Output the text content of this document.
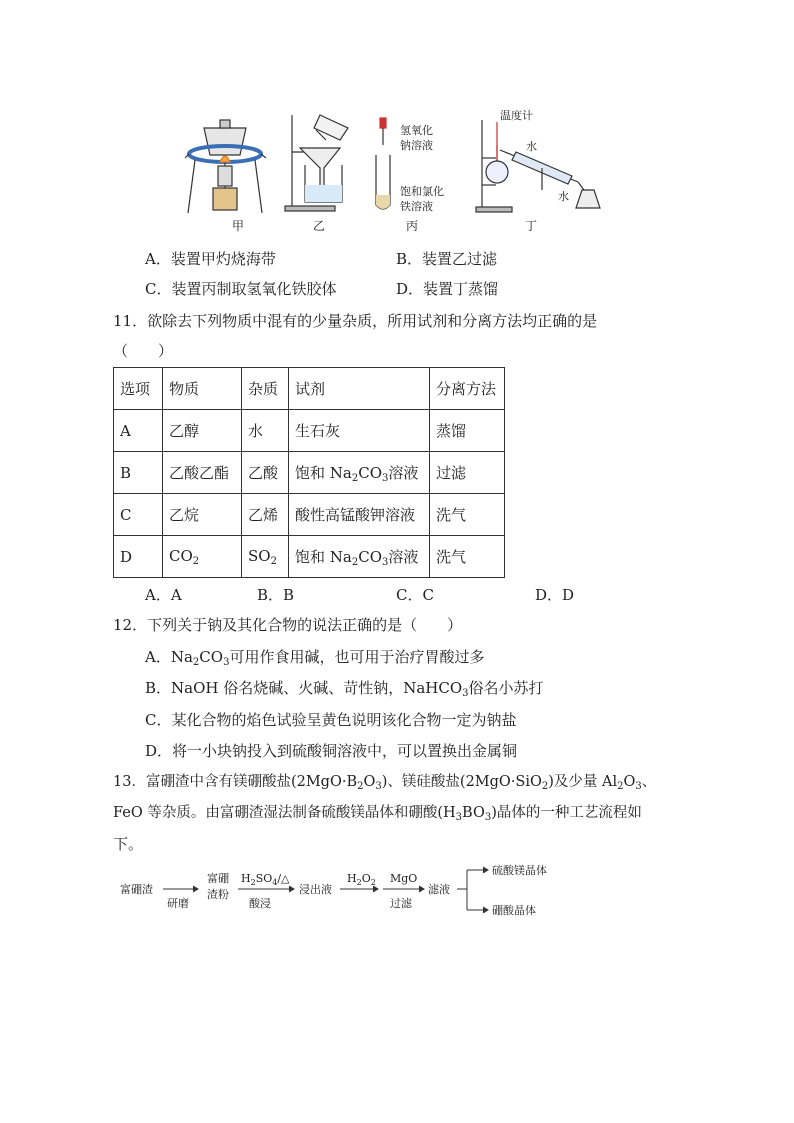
氢氧化
钠溶液
饱和氯化
铁溶液
温度计
水
水
甲	乙	丙	丁
A．装置甲灼烧海带	B．装置乙过滤
C．装置丙制取氢氧化铁胶体	D．装置丁蒸馏
11．欲除去下列物质中混有的少量杂质，所用试剂和分离方法均正确的是
（　　）
选项	物质	杂质	试剂	分离方法
A	乙醇	水	生石灰	蒸馏
B	乙酸乙酯	乙酸	饱和 $Na_2CO_3$溶液	过滤
C	乙烷	乙烯	酸性高锰酸钾溶液	洗气
D	$CO_2$	$SO_2$	饱和 $Na_2CO_3$溶液	洗气
A．A	B．B	C．C	D．D
12．下列关于钠及其化合物的说法正确的是（　　）
A．$Na_2CO_3$可用作食用碱，也可用于治疗胃酸过多
B．NaOH 俗名烧碱、火碱、苛性钠，NaHCO$_3$俗名小苏打
C．某化合物的焰色试验呈黄色说明该化合物一定为钠盐
D．将一小块钠投入到硫酸铜溶液中，可以置换出金属铜
13．富硼渣中含有镁硼酸盐$(2MgO\cdot B_2O_3)$、镁硅酸盐(2MgO·SiO$_2$)及少量 $Al_2O_3$、
FeO 等杂质。由富硼渣湿法制备硫酸镁晶体和硼酸$(H_3BO_3)$晶体的一种工艺流程如
下。
富硼渣
研磨
富硼
渣粉
$H_2SO_4/\triangle$
酸浸
浸出液
$H_2O_2$ MgO
过滤
滤液
硫酸镁晶体
硼酸晶体
